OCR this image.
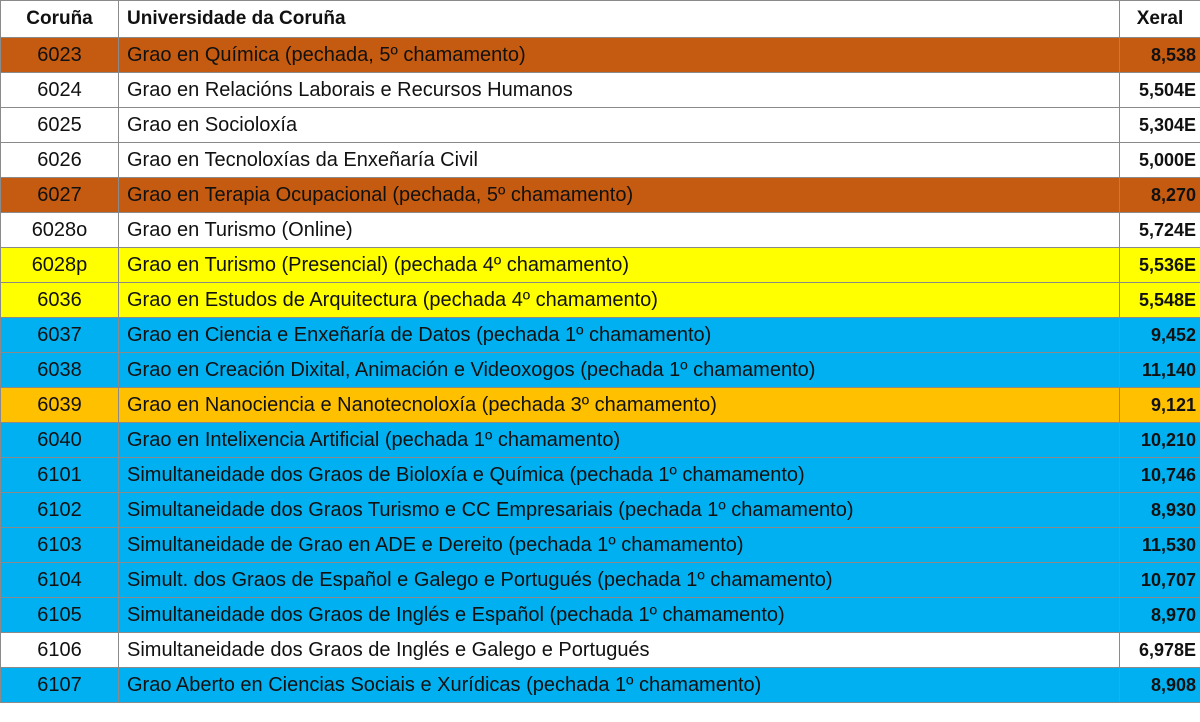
Coruña	Universidade da Coruña	Xeral
6023	Grao en Química (pechada, 5º chamamento)	8,538
6024	Grao en Relacións Laborais e Recursos Humanos	5,504E
6025	Grao en Socioloxía	5,304E
6026	Grao en Tecnoloxías da Enxeñaría Civil	5,000E
6027	Grao en Terapia Ocupacional (pechada, 5º chamamento)	8,270
6028o	Grao en Turismo (Online)	5,724E
6028p	Grao en Turismo (Presencial) (pechada 4º chamamento)	5,536E
6036	Grao en Estudos de Arquitectura (pechada 4º chamamento)	5,548E
6037	Grao en Ciencia e Enxeñaría de Datos (pechada 1º chamamento)	9,452
6038	Grao en Creación Dixital, Animación e Videoxogos (pechada 1º chamamento)	11,140
6039	Grao en Nanociencia e Nanotecnoloxía (pechada 3º chamamento)	9,121
6040	Grao en Intelixencia Artificial (pechada 1º chamamento)	10,210
6101	Simultaneidade dos Graos de Bioloxía e Química (pechada 1º chamamento)	10,746
6102	Simultaneidade dos Graos Turismo e CC Empresariais (pechada 1º chamamento)	8,930
6103	Simultaneidade de Grao en ADE e Dereito (pechada 1º chamamento)	11,530
6104	Simult. dos Graos de Español e Galego e Portugués (pechada 1º chamamento)	10,707
6105	Simultaneidade dos Graos de Inglés e Español (pechada 1º chamamento)	8,970
6106	Simultaneidade dos Graos de Inglés e Galego e Portugués	6,978E
6107	Grao Aberto en Ciencias Sociais e Xurídicas (pechada 1º chamamento)	8,908
